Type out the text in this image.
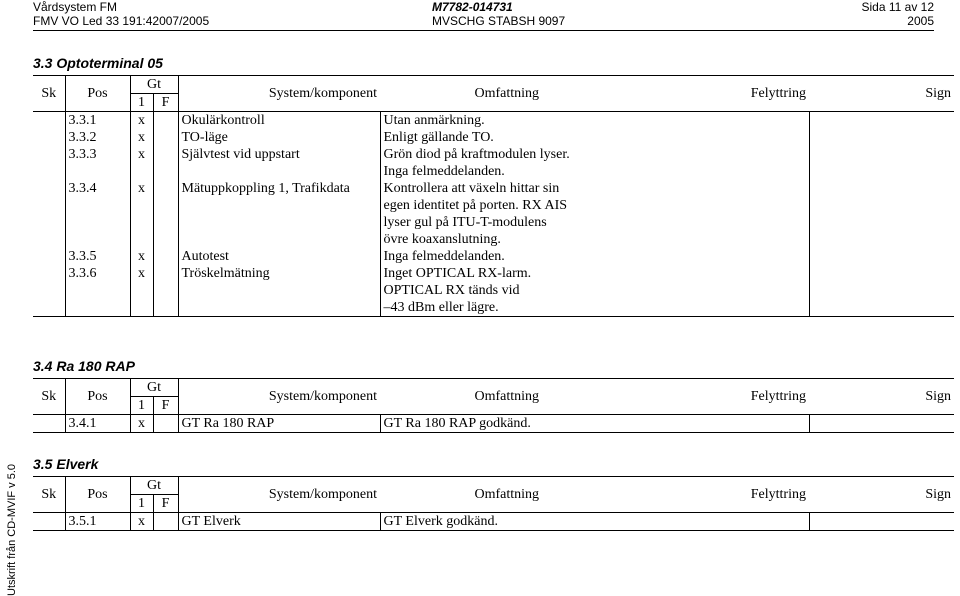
Vårdsystem FM
FMV VO Led 33 191:42007/2005
M7782-014731
MVSCHG STABSH 9097
Sida 11 av 12
2005
Utskrift från CD-MVIF v 5.0
3.3 Optoterminal 05
Sk	Pos	Gt		System/komponent	Omfattning	Felyttring	Sign
		1	F				
	3.3.1	x		Okulärkontroll	Utan anmärkning.		
	3.3.2	x		TO-läge	Enligt gällande TO.		
	3.3.3	x		Självtest vid uppstart	Grön diod på kraftmodulen lyser.
Inga felmeddelanden.		

	3.3.4	x		Mätuppkoppling 1, Trafikdata	Kontrollera att växeln hittar sin
egen identitet på porten. RX AIS
lyser gul på ITU-T-modulens
övre koaxanslutning.		

	3.3.5	x		Autotest	Inga felmeddelanden.		
	3.3.6	x		Tröskelmätning	Inget OPTICAL RX-larm.
OPTICAL RX tänds vid
–43 dBm eller lägre.		

3.4 Ra 180 RAP
Sk	Pos	Gt		System/komponent	Omfattning	Felyttring	Sign
		1	F				
	3.4.1	x		GT Ra 180 RAP	GT Ra 180 RAP godkänd.		
3.5 Elverk
Sk	Pos	Gt		System/komponent	Omfattning	Felyttring	Sign
		1	F				
	3.5.1	x		GT Elverk	GT Elverk godkänd.		
